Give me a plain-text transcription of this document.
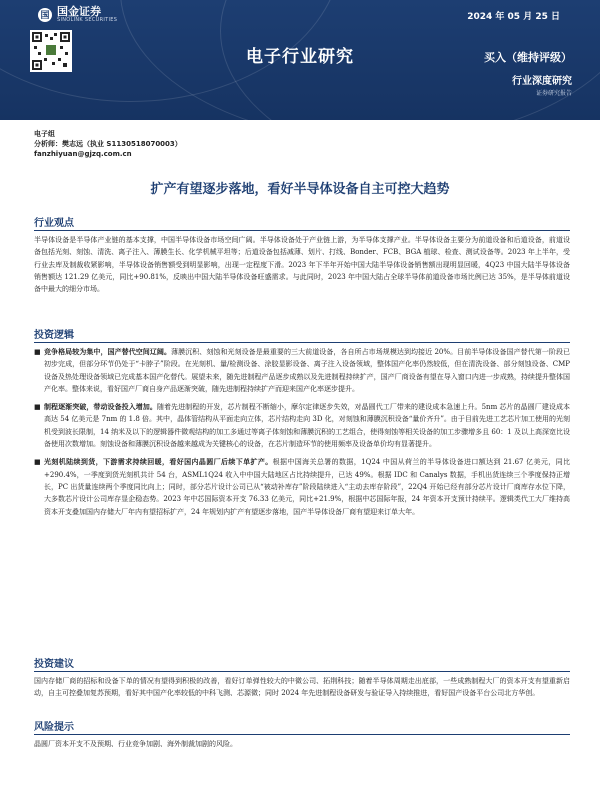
国 国金证券
SINOLINK SECURITIES	2024 年 05 月 25 日
电子行业研究	买入（维持评级）
行业深度研究
证券研究报告
电子组
分析师：樊志远（执业 S1130518070003）
fanzhiyuan@gjzq.com.cn
扩产有望逐步落地，看好半导体设备自主可控大趋势
行业观点

半导体设备是半导体产业链的基本支撑，中国半导体设备市场空间广阔。半导体设备处于产业链上游，为半导体支撑产业。半导体设备主要分为前道设备和后道设备，前道设备包括光刻、刻蚀、清洗、离子注入、薄膜生长、化学机械平坦等；后道设备包括减薄、划片、打线、Bonder、FCB、BGA 植球、检查、测试设备等。2023 年上半年，受行业去库及制裁收紧影响，半导体设备销售额受到明显影响，出现一定程度下滑。2023 年下半年开始中国大陆半导体设备销售额出现明显回暖，4Q23 中国大陆半导体设备销售额达 121.29 亿美元，同比+90.81%，反映出中国大陆半导体设备旺盛需求。与此同时，2023 年中国大陆占全球半导体前道设备市场比例已达 35%，是半导体前道设备中最大的细分市场。

投资逻辑
■ 竞争格局较为集中，国产替代空间辽阔。薄膜沉积、刻蚀和光刻设备是最重要的三大前道设备，各自所占市场规模达到均接近 20%。目前半导体设备国产替代第一阶段已初步完成，但部分环节仍处于“卡脖子”阶段。在光刻机、量/检测设备、涂胶显影设备、离子注入设备领域，整体国产化率仍然较低，但在清洗设备、部分刻蚀设备、CMP 设备及热处理设备领域已完成基本国产化替代。展望未来，随先进制程产品逐步成熟以及先进制程持续扩产，国产厂商设备有望在导入窗口内进一步成熟，持续提升整体国产化率。整体来说，看好国产厂商自身产品逐渐突破，随先进制程持续扩产而迎来国产化率逐步提升。

■ 制程逐渐突破，带动设备投入增加。随着先进制程的开发，芯片制程不断缩小，摩尔定律逐步失效，对晶圆代工厂带来的建设成本急速上升。5nm 芯片的晶圆厂建设成本高达 54 亿美元是 7nm 的 1.8 倍。其中，晶体管结构从平面走向立体，芯片结构走向 3D 化，对刻蚀和薄膜沉积设备“量价齐升”。由于目前先进工艺芯片加工使用的光刻机受到波长限制，14 纳米及以下的逻辑器件微观结构的加工多通过等离子体刻蚀和薄膜沉积的工艺组合，使得刻蚀等相关设备的加工步骤增多且 60：1 及以上高深宽比设备使用次数增加。刻蚀设备和薄膜沉积设备越来越成为关键核心的设备，在芯片制造环节的使用频率及设备单价均有显著提升。

■ 光刻机陆续到货，下游需求持续回暖，看好国内晶圆厂后续下单扩产。根据中国海关总署的数据，1Q24 中国从荷兰的半导体设备进口额达到 21.67 亿美元，同比+290.4%，一季度到货光刻机共计 54 台，ASML1Q24 收入中中国大陆地区占比持续提升，已达 49%。根据 IDC 和 Canalys 数据，手机出货连续三个季度保持正增长，PC 出货量连续两个季度同比向上；同时，部分芯片设计公司已从“被动补库存”阶段陆续进入“主动去库存阶段”，22Q4 开始已经有部分芯片设计厂商库存水位下降，大多数芯片设计公司库存显企稳态势。2023 年中芯国际资本开支 76.33 亿美元，同比+21.9%，根据中芯国际年报，24 年资本开支预计持续平。逻辑类代工大厂维持高资本开支叠加国内存储大厂年内有望招标扩产，24 年规划内扩产有望逐步落地，国产半导体设备厂商有望迎来订单大年。

投资建议

国内存储厂商的招标和设备下单的情况有望得到积极的改善，看好订单弹性较大的中微公司、拓荆科技；随着半导体周期走出底部，一些成熟制程大厂的资本开支有望重新启动，自主可控叠加复苏预期，看好其中国产化率较低的中科飞测、芯源微；同时 2024 年先进制程设备研发与验证导入持续推进，看好国产设备平台公司北方华创。

风险提示

晶圆厂资本开支不及预期、行业竞争加剧、海外制裁加剧的风险。
